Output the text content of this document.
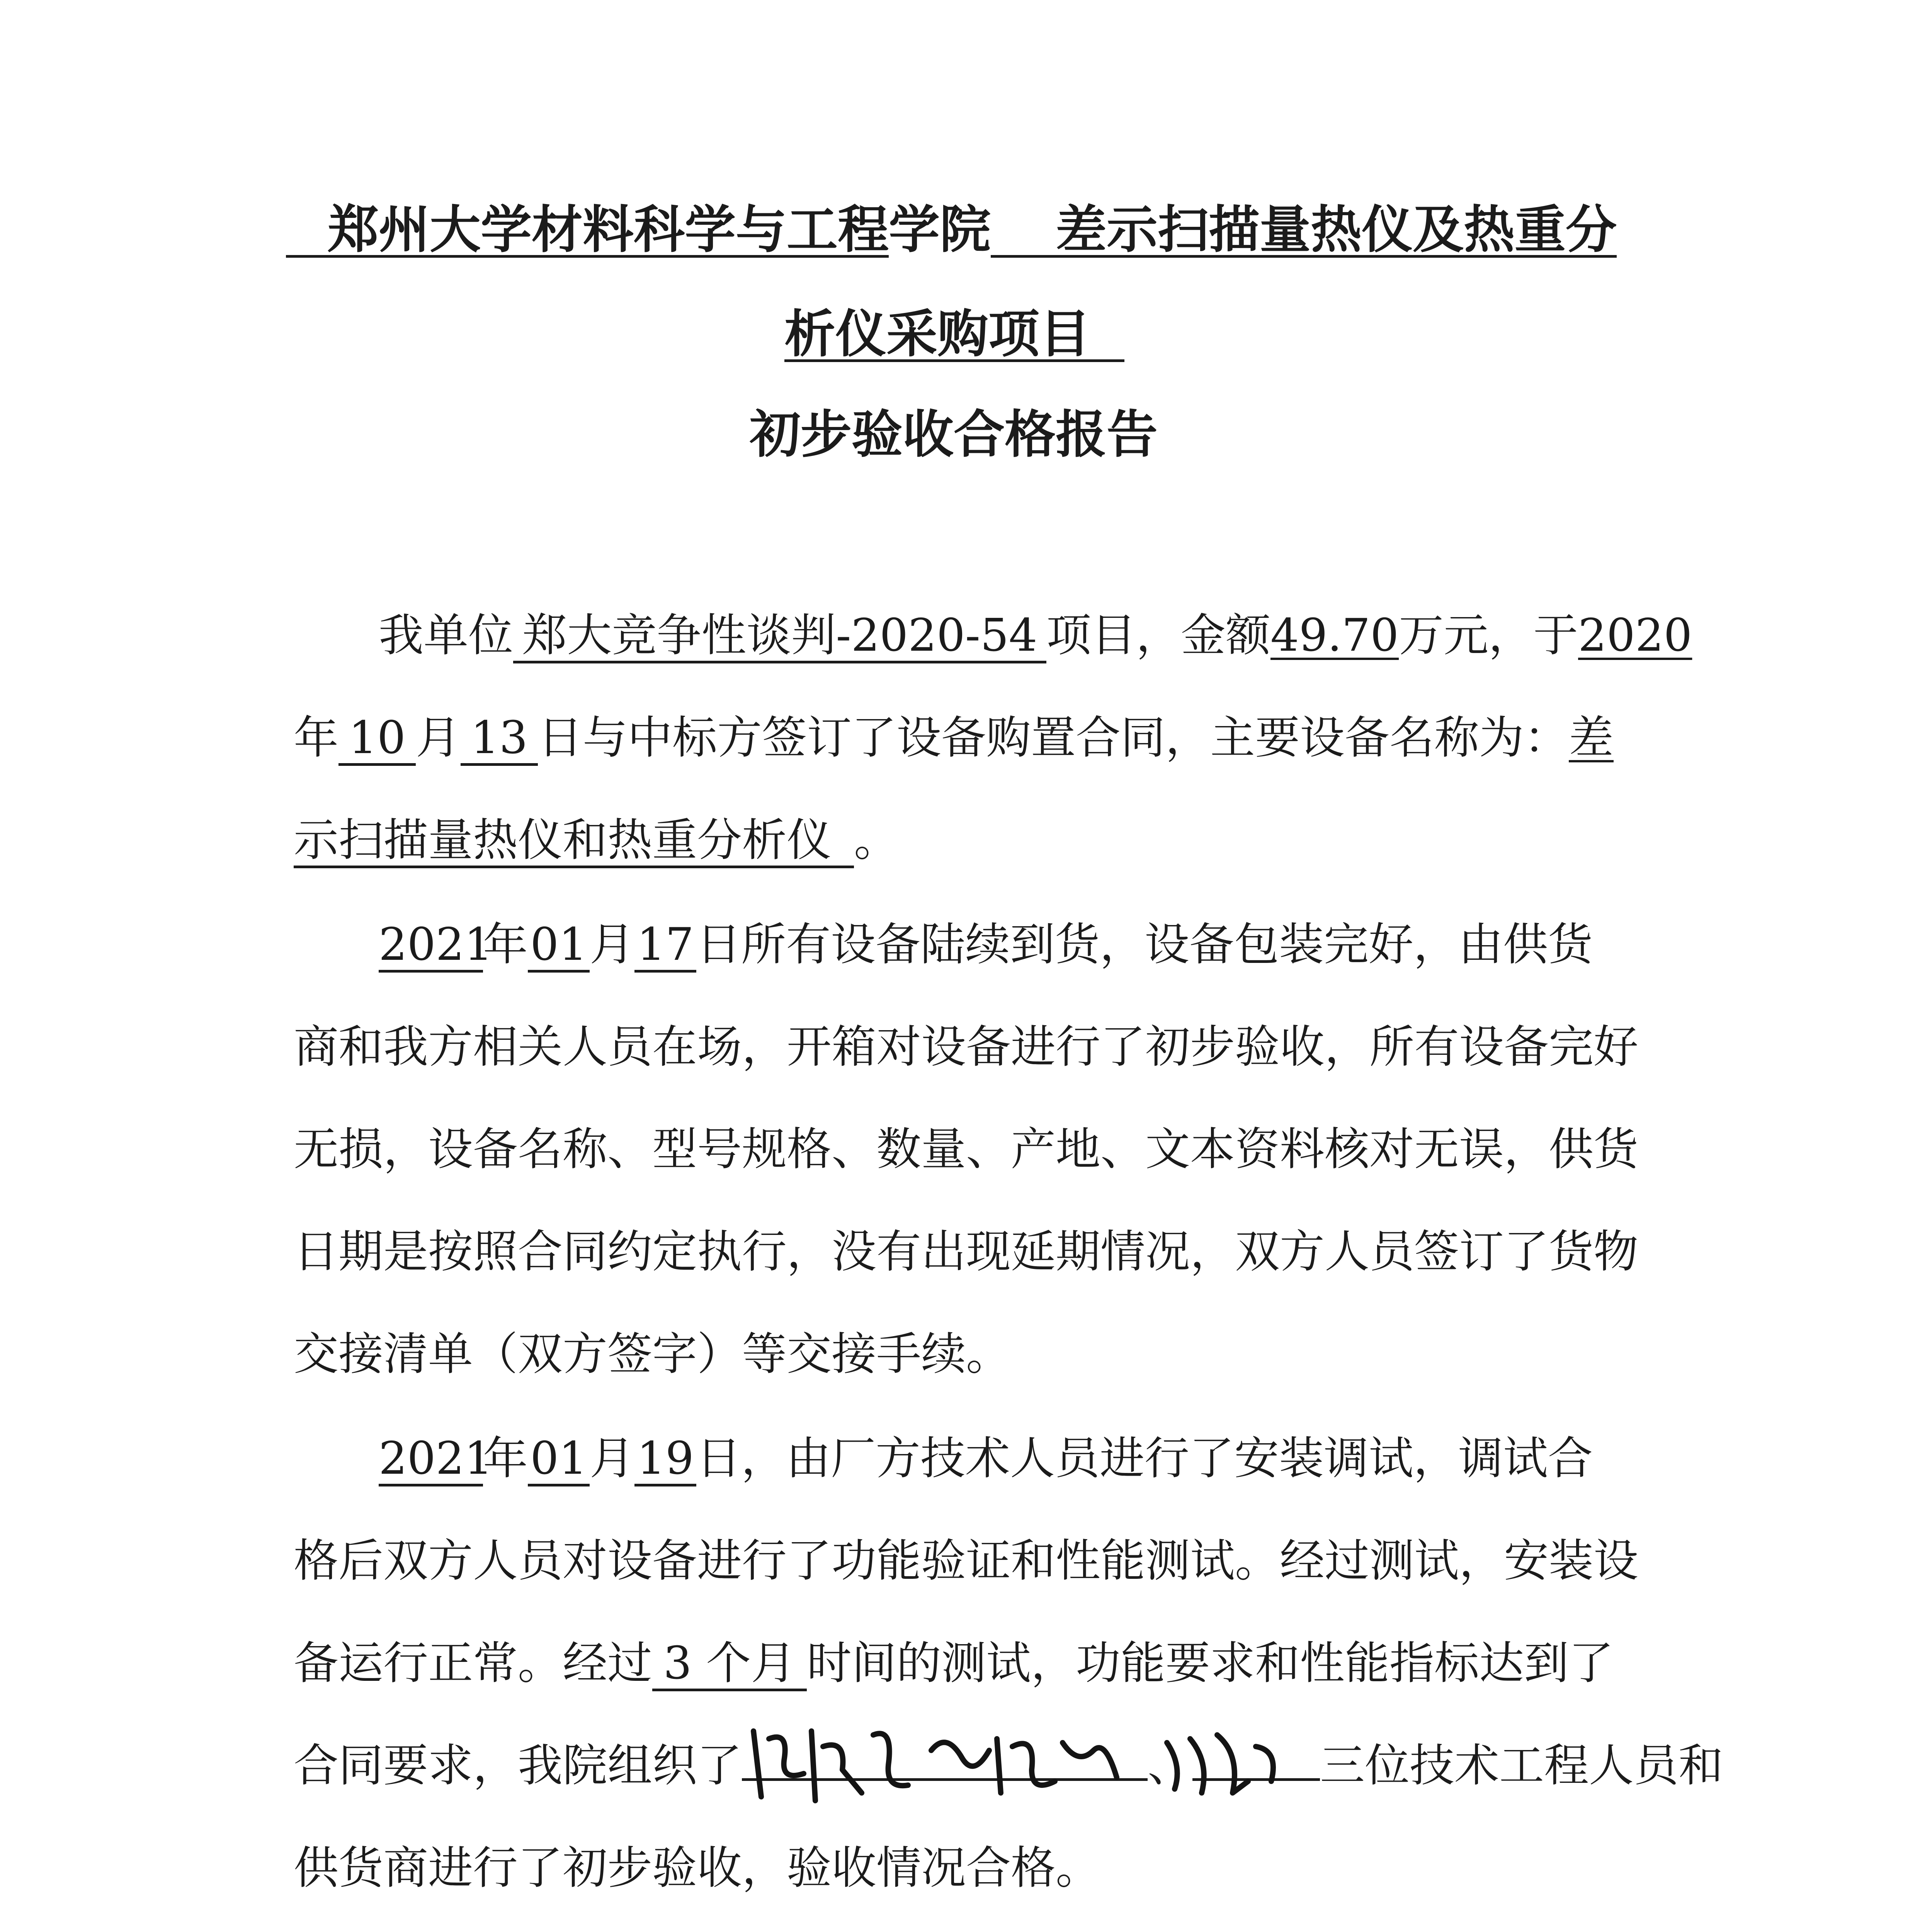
郑州大学材料科学与工程学院 差示扫描量热仪及热重分
析仪采购项目
初步验收合格报告
我单位 郑大竞争性谈判-2020-54 项目，金额49.70万元，于2020
年 10 月 13 日与中标方签订了设备购置合同，主要设备名称为：差
示扫描量热仪和热重分析仪 。
2021年01月17日所有设备陆续到货，设备包装完好，由供货
商和我方相关人员在场，开箱对设备进行了初步验收，所有设备完好
无损，设备名称、型号规格、数量、产地、文本资料核对无误，供货
日期是按照合同约定执行，没有出现延期情况，双方人员签订了货物
交接清单（双方签字）等交接手续。
2021年01月19日，由厂方技术人员进行了安装调试，调试合
格后双方人员对设备进行了功能验证和性能测试。经过测试，安装设
备运行正常。经过 3 个月 时间的测试，功能要求和性能指标达到了
合同要求，我院组织了	、	三位技术工程人员和
供货商进行了初步验收，验收情况合格。
